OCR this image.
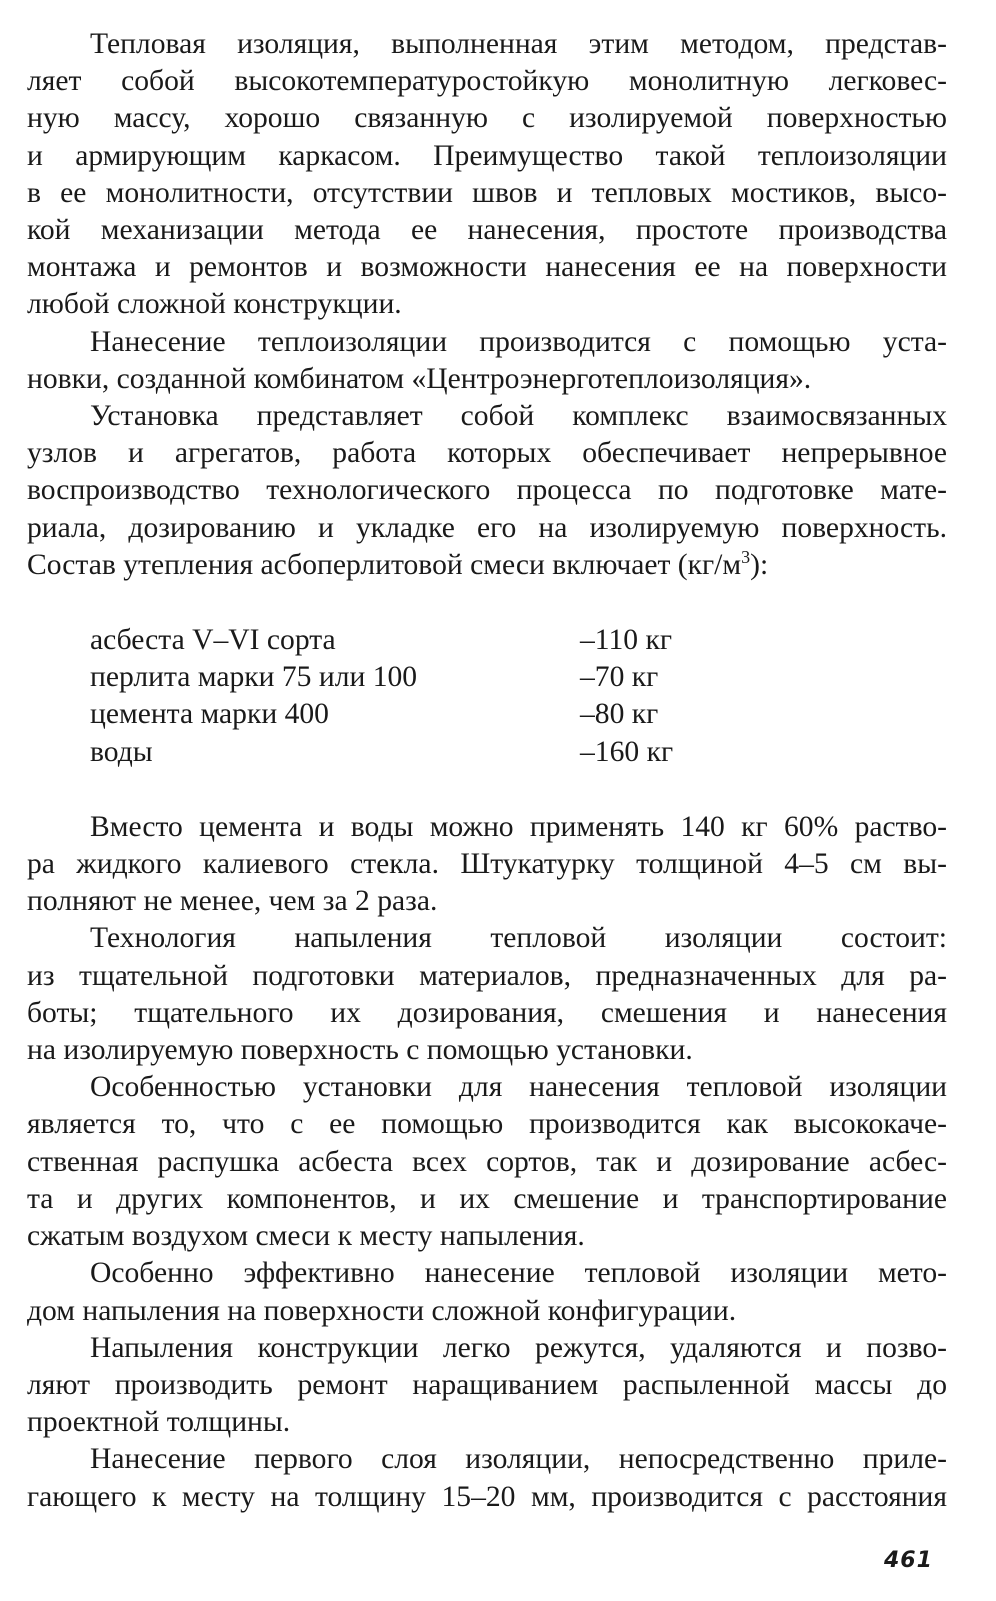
Тепловая изоляция, выполненная этим методом, представ-
ляет собой высокотемпературостойкую монолитную легковес-
ную массу, хорошо связанную с изолируемой поверхностью
и армирующим каркасом. Преимущество такой теплоизоляции
в ее монолитности, отсутствии швов и тепловых мостиков, высо-
кой механизации метода ее нанесения, простоте производства
монтажа и ремонтов и возможности нанесения ее на поверхности
любой сложной конструкции.

Нанесение теплоизоляции производится с помощью уста-
новки, созданной комбинатом «Центроэнерготеплоизоляция».

Установка представляет собой комплекс взаимосвязанных
узлов и агрегатов, работа которых обеспечивает непрерывное
воспроизводство технологического процесса по подготовке мате-
риала, дозированию и укладке его на изолируемую поверхность.
Состав утепления асбоперлитовой смеси включает $(кг/м^3)$:

асбеста V–VI сорта	–110 кг
перлита марки 75 или 100	–70 кг
цемента марки 400	–80 кг
воды	–160 кг

Вместо цемента и воды можно применять 140 кг 60% раство-
ра жидкого калиевого стекла. Штукатурку толщиной 4–5 см вы-
полняют не менее, чем за 2 раза.

Технология напыления тепловой изоляции состоит:
из тщательной подготовки материалов, предназначенных для ра-
боты; тщательного их дозирования, смешения и нанесения
на изолируемую поверхность с помощью установки.

Особенностью установки для нанесения тепловой изоляции
является то, что с ее помощью производится как высококаче-
ственная распушка асбеста всех сортов, так и дозирование асбес-
та и других компонентов, и их смешение и транспортирование
сжатым воздухом смеси к месту напыления.

Особенно эффективно нанесение тепловой изоляции мето-
дом напыления на поверхности сложной конфигурации.

Напыления конструкции легко режутся, удаляются и позво-
ляют производить ремонт наращиванием распыленной массы до
проектной толщины.

Нанесение первого слоя изоляции, непосредственно приле-
гающего к месту на толщину 15–20 мм, производится с расстояния

461
